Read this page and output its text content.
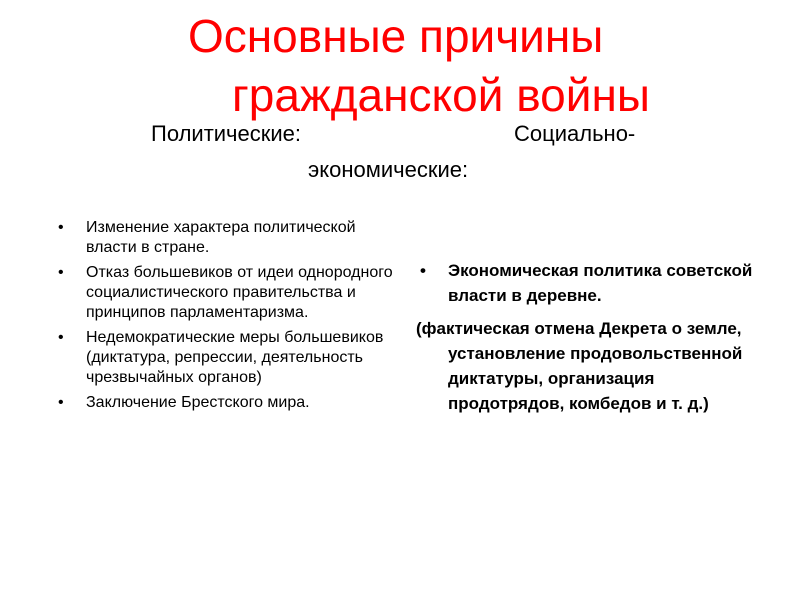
Основные причины
гражданской войны
Политические:	Социально-
экономические:
• Изменение характера политической власти в стране.
• Отказ большевиков от идеи однородного социалистического правительства и принципов парламентаризма.
• Недемократические меры большевиков (диктатура, репрессии, деятельность чрезвычайных органов)
• Заключение Брестского мира.
• Экономическая политика советской власти в деревне.
(фактическая отмена Декрета о земле, установление продовольственной диктатуры, организация продотрядов, комбедов и т. д.)
